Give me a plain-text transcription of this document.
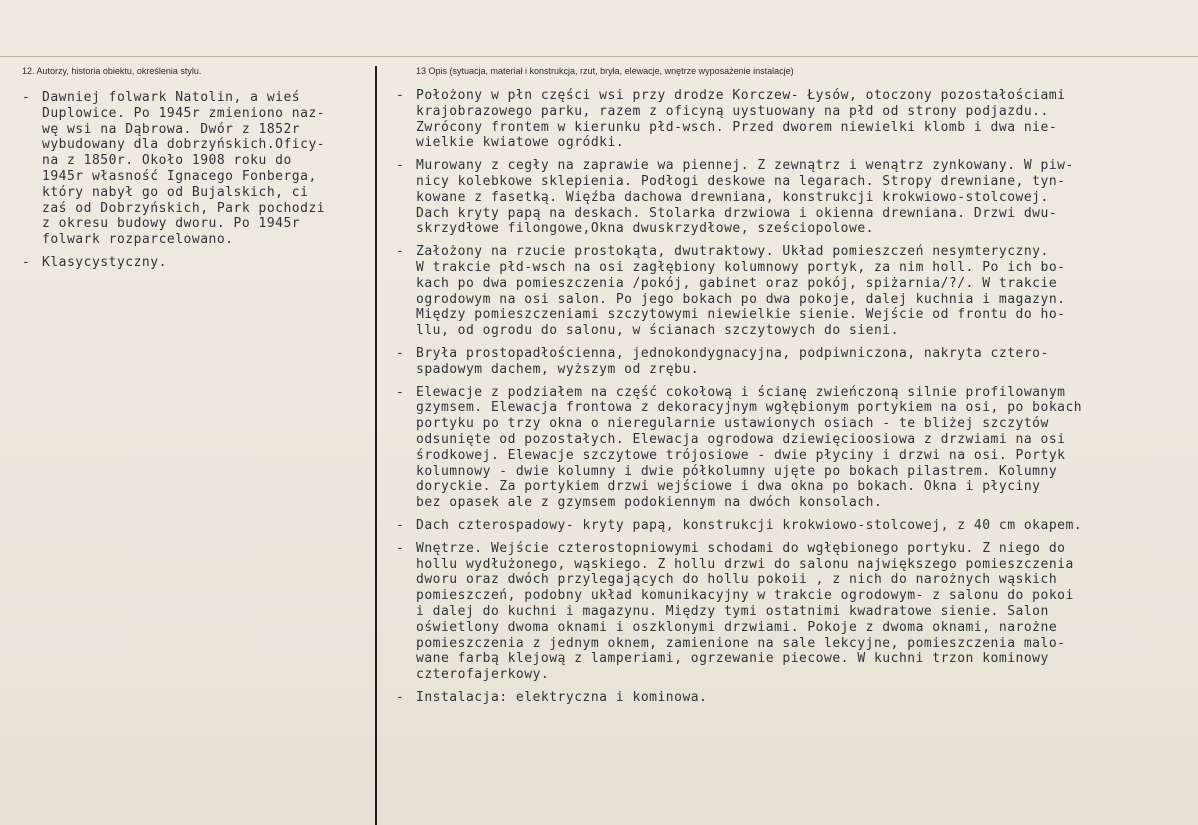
12. Autorzy, historia obiektu, określenia stylu.	13 Opis (sytuacja, materiał i konstrukcja, rzut, bryła, elewacje, wnętrze wyposażenie instalacje)
- Dawniej folwark Natolin, a wieś
Duplowice. Po 1945r zmieniono naz-
wę wsi na Dąbrowa. Dwór z 1852r
wybudowany dla dobrzyńskich.Oficy-
na z 1850r. Około 1908 roku do
1945r własność Ignacego Fonberga,
który nabył go od Bujalskich, ci
zaś od Dobrzyńskich, Park pochodzi
z okresu budowy dworu. Po 1945r
folwark rozparcelowano.
- Klasycystyczny.
- Położony w płn części wsi przy drodze Korczew- Łysów, otoczony pozostałościami
krajobrazowego parku, razem z oficyną uystuowany na płd od strony podjazdu..
Zwrócony frontem w kierunku płd-wsch. Przed dworem niewielki klomb i dwa nie-
wielkie kwiatowe ogródki.
- Murowany z cegły na zaprawie wa piennej. Z zewnątrz i wenątrz zynkowany. W piw-
nicy kolebkowe sklepienia. Podłogi deskowe na legarach. Stropy drewniane, tyn-
kowane z fasetką. Więźba dachowa drewniana, konstrukcji krokwiowo-stolcowej.
Dach kryty papą na deskach. Stolarka drzwiowa i okienna drewniana. Drzwi dwu-
skrzydłowe filongowe,Okna dwuskrzydłowe, sześciopolowe.
- Założony na rzucie prostokąta, dwutraktowy. Układ pomieszczeń nesymteryczny.
W trakcie płd-wsch na osi zagłębiony kolumnowy portyk, za nim holl. Po ich bo-
kach po dwa pomieszczenia /pokój, gabinet oraz pokój, spiżarnia/?/. W trakcie
ogrodowym na osi salon. Po jego bokach po dwa pokoje, dalej kuchnia i magazyn.
Między pomieszczeniami szczytowymi niewielkie sienie. Wejście od frontu do ho-
llu, od ogrodu do salonu, w ścianach szczytowych do sieni.
- Bryła prostopadłościenna, jednokondygnacyjna, podpiwniczona, nakryta cztero-
spadowym dachem, wyższym od zrębu.
- Elewacje z podziałem na część cokołową i ścianę zwieńczoną silnie profilowanym
gzymsem. Elewacja frontowa z dekoracyjnym wgłębionym portykiem na osi, po bokach
portyku po trzy okna o nieregularnie ustawionych osiach - te bliżej szczytów
odsunięte od pozostałych. Elewacja ogrodowa dziewięcioosiowa z drzwiami na osi
środkowej. Elewacje szczytowe trójosiowe - dwie płyciny i drzwi na osi. Portyk
kolumnowy - dwie kolumny i dwie półkolumny ujęte po bokach pilastrem. Kolumny
doryckie. Za portykiem drzwi wejściowe i dwa okna po bokach. Okna i płyciny
bez opasek ale z gzymsem podokiennym na dwóch konsolach.
- Dach czterospadowy- kryty papą, konstrukcji krokwiowo-stolcowej, z 40 cm okapem.
- Wnętrze. Wejście czterostopniowymi schodami do wgłębionego portyku. Z niego do
hollu wydłużonego, wąskiego. Z hollu drzwi do salonu największego pomieszczenia
dworu oraz dwóch przylegających do hollu pokoii , z nich do narożnych wąskich
pomieszczeń, podobny układ komunikacyjny w trakcie ogrodowym- z salonu do pokoi
i dalej do kuchni i magazynu. Między tymi ostatnimi kwadratowe sienie. Salon
oświetlony dwoma oknami i oszklonymi drzwiami. Pokoje z dwoma oknami, narożne
pomieszczenia z jednym oknem, zamienione na sale lekcyjne, pomieszczenia malo-
wane farbą klejową z lamperiami, ogrzewanie piecowe. W kuchni trzon kominowy
czterofajerkowy.
- Instalacja: elektryczna i kominowa.
